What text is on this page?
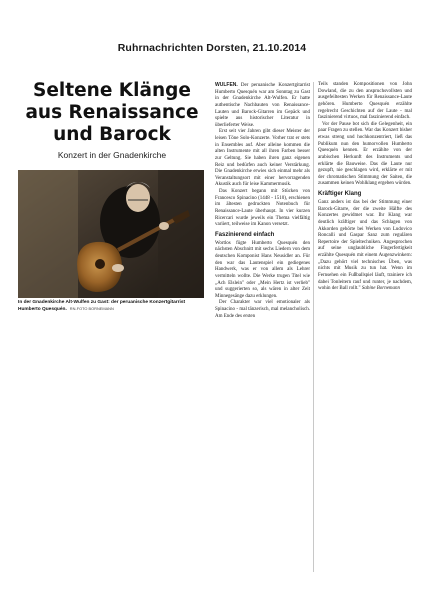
Ruhrnachrichten Dorsten, 21.10.2014
Seltene Klänge
aus Renaissance
und Barock
Konzert in der Gnadenkirche
In der Gnadenkirche Alt-Wulfen zu Gast: der peruanische Konzertgitarrist Humberto Quesquén. RN-FOTO BORNEMANN

WULFEN. Der peruanische Konzertgitarrist Humberto Quesquén war am Sonntag zu Gast in der Gnadenkirche Alt-Wulfen. Er hatte authentische Nachbauten von Renaissance-Lauten und Barock-Gitarren im Gepäck und spielte aus historischer Literatur in überlieferter Weise.

Erst seit vier Jahren gibt dieser Meister der leisen Töne Solo-Konzerte. Vorher trat er stets in Ensembles auf. Aber alleine kommen die alten Instrumente mit all ihren Farben besser zur Geltung. Sie haben ihren ganz eigenen Reiz und bedürfen auch keiner Verstärkung. Die Gnadenkirche erwies sich einmal mehr als Veranstaltungsort mit einer hervorragenden Akustik auch für leise Kammermusik.

Das Konzert begann mit Stücken von Francesco Spinacino (1448 - 1510), erschienen im ältesten gedruckten Notenbuch für Renaissance-Laute überhaupt. In vier kurzen Ricercari wurde jeweils ein Thema vielfältig variiert, teilweise im Kanon versetzt.

Faszinierend einfach

Wortlos fügte Humberto Quesquén den nächsten Abschnitt mit sechs Liedern von dem deutschen Komponist Hans Neusidler an. Für den war das Lautenspiel ein gediegenes Handwerk, was er von allem als Lehrer vermitteln wollte. Die Werke trugen Titel wie „Ach Elslein" oder „Mein Hertz ist verlieb" und suggerierten so, als wären in alter Zeit Minnegesänge dazu erklungen.

Der Charakter war viel emotionaler als Spinacino - mal tänzerisch, mal melancholisch. Am Ende des ersten

Teils standen Kompositionen von John Dowland, die zu den anspruchsvollsten und ausgefeiltesten Werken für Renaissance-Laute gehören. Humberto Quesquén erzählte regelrecht Geschichten auf der Laute - mal faszinierend virtuos, mal faszinierend einfach.

Vor der Pause bot sich die Gelegenheit, ein paar Fragen zu stellen. War das Konzert bisher etwas streng und hochkonzentriert, ließ das Publikum nun den humorvollen Humberto Quesquén kennen. Er erzählte von der arabischen Herkunft des Instruments und erklärte die Bauweise. Das die Laute nur gezupft, nie geschlagen wird, erklärte er mit der chromatischen Stimmung der Saiten, die zusammen keinen Wohlklang ergeben würden.

Kräftiger Klang

Ganz anders ist das bei der Stimmung einer Barock-Gitarre, der die zweite Hälfte des Konzertes gewidmet war. Ihr Klang war deutlich kräftiger und das Schlagen von Akkorden gehörte bei Werken von Ludovico Roncalli und Gaspar Sanz zum regulären Repertoire der Spieltechniken. Angesprochen auf seine unglaubliche Fingerfertigkeit erzählte Quesquén mit einem Augenzwinkern: „Dazu gehört viel technisches Üben, was nichts mit Musik zu tun hat. Wenn im Fernsehen ein Fußballspiel läuft, trainiere ich dabei Tonleitern rauf und runter, je nachdem, wohin der Ball rollt." Sabine Bornemann
